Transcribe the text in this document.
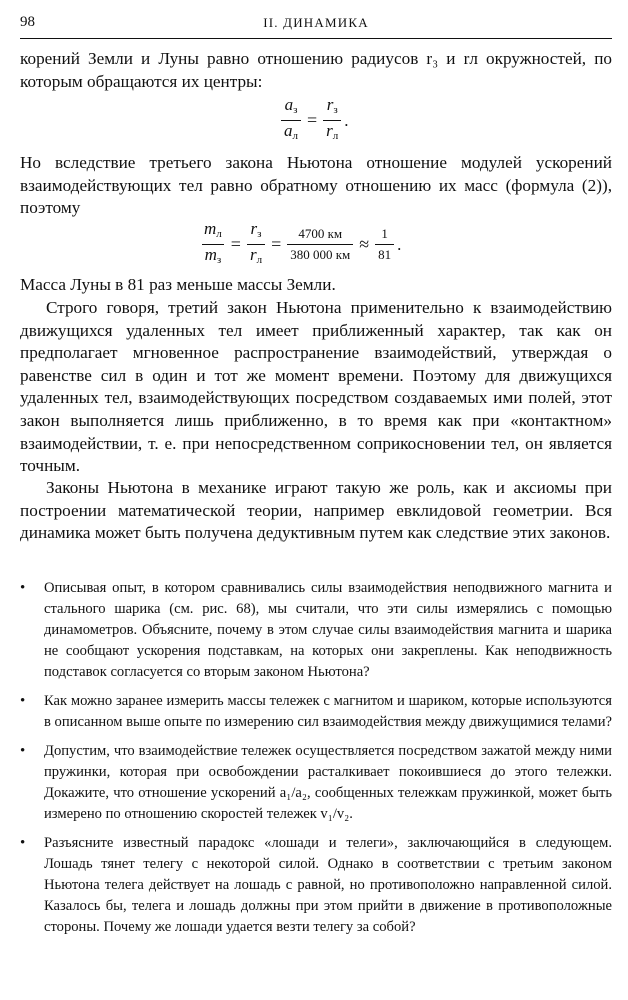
98	II. ДИНАМИКА

корений Земли и Луны равно отношению радиусов r₃ и rл окружностей, по которым обращаются их центры:

$\frac{a_з}{a_л} = \frac{r_з}{r_л}$ .

Но вследствие третьего закона Ньютона отношение модулей ускорений взаимодействующих тел равно обратному отношению их масс (формула (2)), поэтому

$\frac{m_л}{m_з} = \frac{r_з}{r_л} = \frac{4700 км}{380 000 км} \approx \frac{1}{81}$ .

Масса Луны в 81 раз меньше массы Земли.

Строго говоря, третий закон Ньютона применительно к взаимодействию движущихся удаленных тел имеет приближенный характер, так как он предполагает мгновенное распространение взаимодействий, утверждая о равенстве сил в один и тот же момент времени. Поэтому для движущихся удаленных тел, взаимодействующих посредством создаваемых ими полей, этот закон выполняется лишь приближенно, в то время как при «контактном» взаимодействии, т. е. при непосредственном соприкосновении тел, он является точным.

Законы Ньютона в механике играют такую же роль, как и аксиомы при построении математической теории, например евклидовой геометрии. Вся динамика может быть получена дедуктивным путем как следствие этих законов.

• Описывая опыт, в котором сравнивались силы взаимодействия неподвижного магнита и стального шарика (см. рис. 68), мы считали, что эти силы измерялись с помощью динамометров. Объясните, почему в этом случае силы взаимодействия магнита и шарика не сообщают ускорения подставкам, на которых они закреплены. Как неподвижность подставок согласуется со вторым законом Ньютона?
• Как можно заранее измерить массы тележек с магнитом и шариком, которые используются в описанном выше опыте по измерению сил взаимодействия между движущимися телами?
• Допустим, что взаимодействие тележек осуществляется посредством зажатой между ними пружинки, которая при освобождении расталкивает покоившиеся до этого тележки. Докажите, что отношение ускорений a₁/a₂, сообщенных тележкам пружинкой, может быть измерено по отношению скоростей тележек v₁/v₂.
• Разъясните известный парадокс «лошади и телеги», заключающийся в следующем. Лошадь тянет телегу с некоторой силой. Однако в соответствии с третьим законом Ньютона телега действует на лошадь с равной, но противоположно направленной силой. Казалось бы, телега и лошадь должны при этом прийти в движение в противоположные стороны. Почему же лошади удается везти телегу за собой?
